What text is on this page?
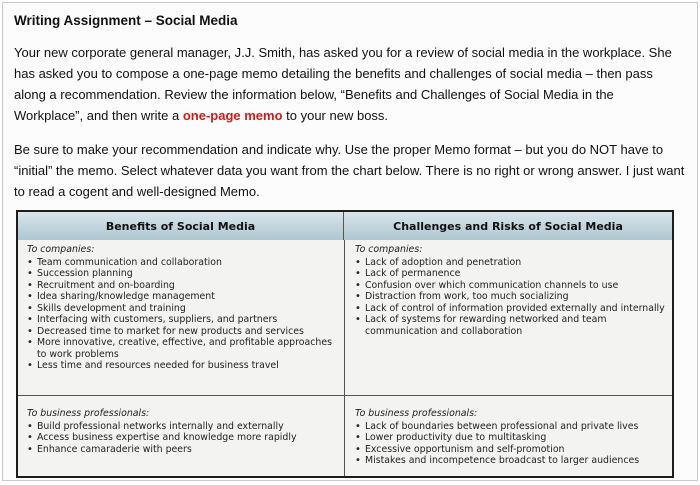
Writing Assignment – Social Media

Your new corporate general manager, J.J. Smith, has asked you for a review of social media in the workplace. She has asked you to compose a one-page memo detailing the benefits and challenges of social media – then pass along a recommendation. Review the information below, “Benefits and Challenges of Social Media in the Workplace”, and then write a one-page memo to your new boss.

Be sure to make your recommendation and indicate why. Use the proper Memo format – but you do NOT have to “initial” the memo. Select whatever data you want from the chart below. There is no right or wrong answer. I just want to read a cogent and well-designed Memo.

Benefits of Social Media	Challenges and Risks of Social Media
To companies:
• Team communication and collaboration
• Succession planning
• Recruitment and on-boarding
• Idea sharing/knowledge management
• Skills development and training
• Interfacing with customers, suppliers, and partners
• Decreased time to market for new products and services
• More innovative, creative, effective, and profitable approaches to work problems
• Less time and resources needed for business travel
To companies:
• Lack of adoption and penetration
• Lack of permanence
• Confusion over which communication channels to use
• Distraction from work, too much socializing
• Lack of control of information provided externally and internally
• Lack of systems for rewarding networked and team communication and collaboration
To business professionals:
• Build professional networks internally and externally
• Access business expertise and knowledge more rapidly
• Enhance camaraderie with peers
To business professionals:
• Lack of boundaries between professional and private lives
• Lower productivity due to multitasking
• Excessive opportunism and self-promotion
• Mistakes and incompetence broadcast to larger audiences
